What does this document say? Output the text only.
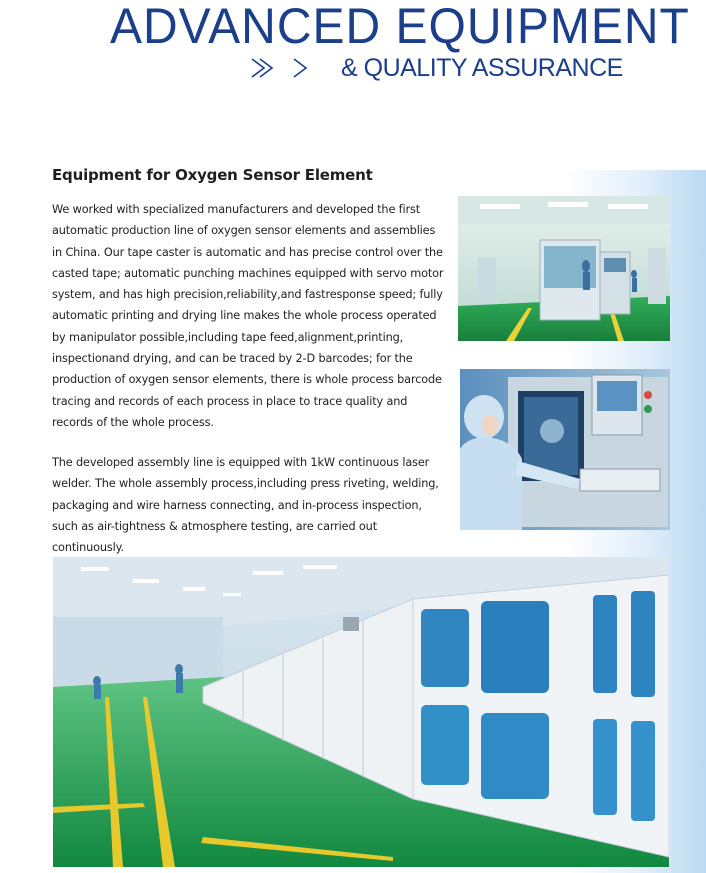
ADVANCED EQUIPMENT
& QUALITY ASSURANCE
Equipment for Oxygen Sensor Element
We worked with specialized manufacturers and developed the first automatic production line of oxygen sensor elements and assemblies in China. Our tape caster is automatic and has precise control over the casted tape; automatic punching machines equipped with servo motor system, and has high precision,reliability,and fastresponse speed; fully automatic printing and drying line makes the whole process operated by manipulator possible,including tape feed,alignment,printing, inspectionand drying, and can be traced by 2-D barcodes; for the production of oxygen sensor elements, there is whole process barcode tracing and records of each process in place to trace quality and records of the whole process.
The developed assembly line is equipped with 1kW continuous laser welder. The whole assembly process,including press riveting, welding, packaging and wire harness connecting, and in-process inspection, such as air-tightness & atmosphere testing, are carried out continuously.
